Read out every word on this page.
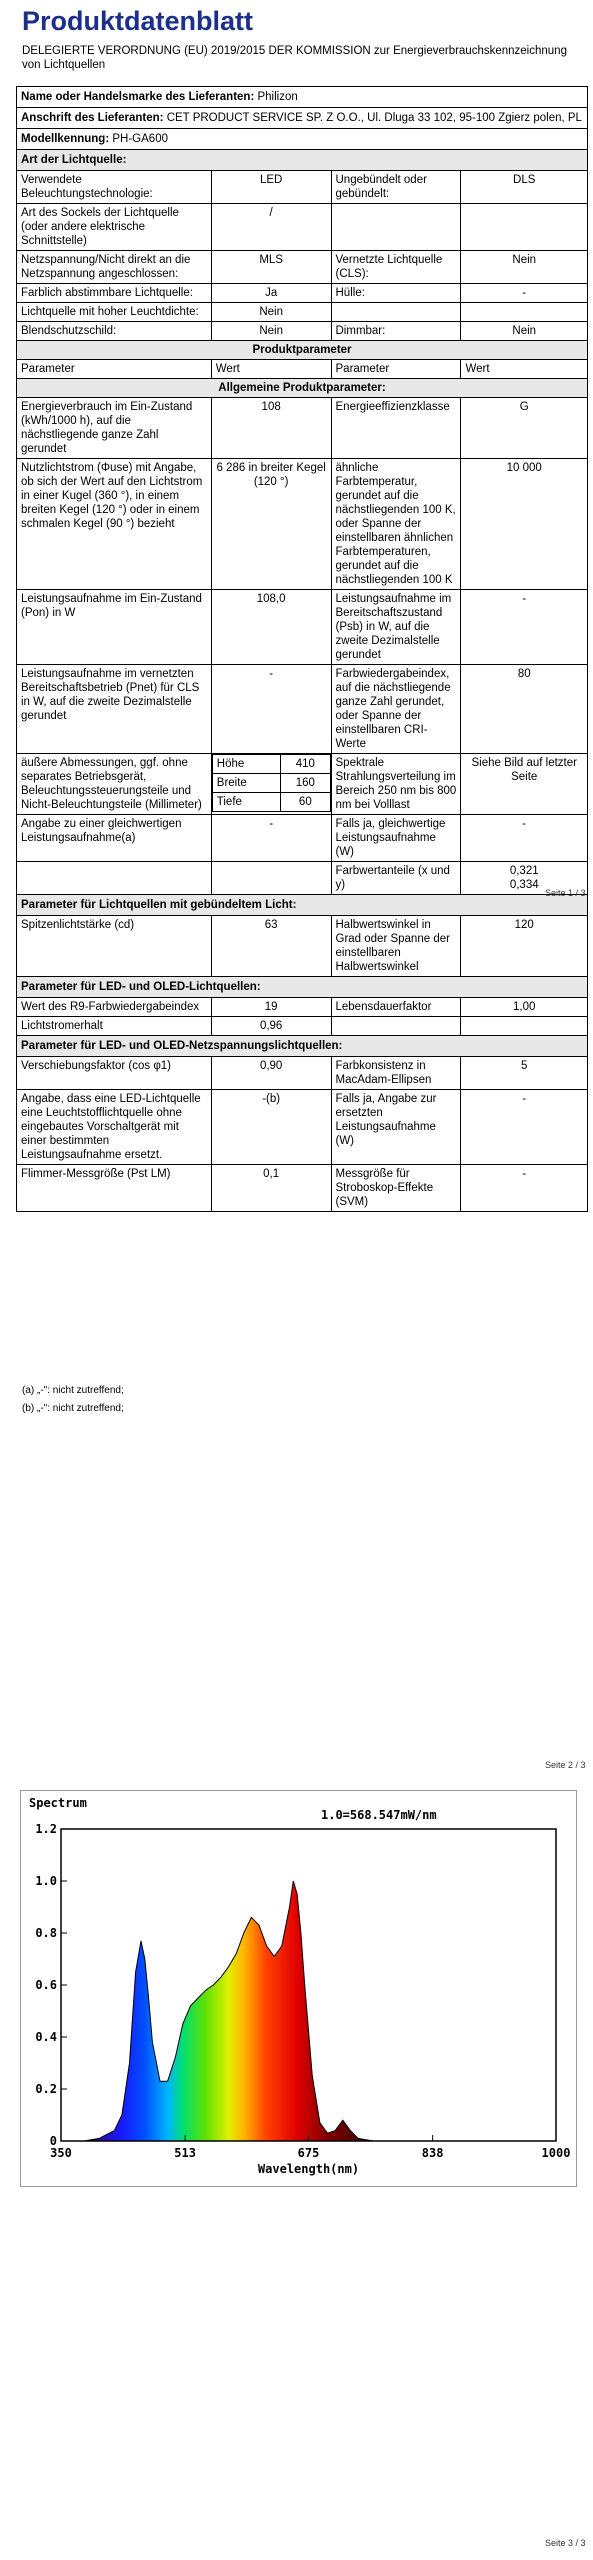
Produktdatenblatt
DELEGIERTE VERORDNUNG (EU) 2019/2015 DER KOMMISSION zur Energieverbrauchskennzeichnung von Lichtquellen
Name oder Handelsmarke des Lieferanten: Philizon
Anschrift des Lieferanten: CET PRODUCT SERVICE SP. Z O.O., Ul. Dluga 33 102, 95-100 Zgierz polen, PL
Modellkennung: PH-GA600
Art der Lichtquelle:
Verwendete Beleuchtungstechnologie:	LED	Ungebündelt oder gebündelt:	DLS
Art des Sockels der Lichtquelle (oder andere elektrische Schnittstelle)	/		
Netzspannung/Nicht direkt an die Netzspannung angeschlossen:	MLS	Vernetzte Lichtquelle (CLS):	Nein
Farblich abstimmbare Lichtquelle:	Ja	Hülle:	-
Lichtquelle mit hoher Leuchtdichte:	Nein		
Blendschutzschild:	Nein	Dimmbar:	Nein
Produktparameter
Parameter	Wert	Parameter	Wert
Allgemeine Produktparameter:
Energieverbrauch im Ein-Zustand (kWh/1000 h), auf die nächstliegende ganze Zahl gerundet	108	Energieeffizienzklasse	G
Nutzlichtstrom (Φuse) mit Angabe, ob sich der Wert auf den Lichtstrom in einer Kugel (360 °), in einem breiten Kegel (120 °) oder in einem schmalen Kegel (90 °) bezieht	6 286 in breiter Kegel (120 °)	ähnliche Farbtemperatur, gerundet auf die nächstliegenden 100 K, oder Spanne der einstellbaren ähnlichen Farbtemperaturen, gerundet auf die nächstliegenden 100 K	10 000
Leistungsaufnahme im Ein-Zustand (Pon) in W	108,0	Leistungsaufnahme im Bereitschaftszustand (Psb) in W, auf die zweite Dezimalstelle gerundet	-
Leistungsaufnahme im vernetzten Bereitschaftsbetrieb (Pnet) für CLS in W, auf die zweite Dezimalstelle gerundet	-	Farbwiedergabeindex, auf die nächstliegende ganze Zahl gerundet, oder Spanne der einstellbaren CRI-Werte	80
äußere Abmessungen, ggf. ohne separates Betriebsgerät, Beleuchtungssteuerungsteile und Nicht-Beleuchtungsteile (Millimeter)	
Höhe	410
Breite	160
Tiefe	60
	Spektrale Strahlungsverteilung im Bereich 250 nm bis 800 nm bei Volllast	Siehe Bild auf letzter Seite
Angabe zu einer gleichwertigen Leistungsaufnahme(a)	-	Falls ja, gleichwertige Leistungsaufnahme (W)	-
		Farbwertanteile (x und y)	0,321
0,334
Parameter für Lichtquellen mit gebündeltem Licht:
Spitzenlichtstärke (cd)	63	Halbwertswinkel in Grad oder Spanne der einstellbaren Halbwertswinkel	120
Parameter für LED- und OLED-Lichtquellen:
Wert des R9-Farbwiedergabeindex	19	Lebensdauerfaktor	1,00
Lichtstromerhalt	0,96		
Parameter für LED- und OLED-Netzspannungslichtquellen:
Verschiebungsfaktor (cos φ1)	0,90	Farbkonsistenz in MacAdam-Ellipsen	5
Angabe, dass eine LED-Lichtquelle eine Leuchtstofflichtquelle ohne eingebautes Vorschaltgerät mit einer bestimmten Leistungsaufnahme ersetzt.	-(b)	Falls ja, Angabe zur ersetzten Leistungsaufnahme (W)	-
Flimmer-Messgröße (Pst LM)	0,1	Messgröße für Stroboskop-Effekte (SVM)	-
Seite 1 / 3
(a) „-": nicht zutreffend;
(b) „-": nicht zutreffend;
Seite 2 / 3
0
0.2
0.4
0.6
0.8
1.0
1.2
350	513	675	838	1000
Spectrum
1.0=568.547mW/nm
Wavelength(nm)
Seite 3 / 3
